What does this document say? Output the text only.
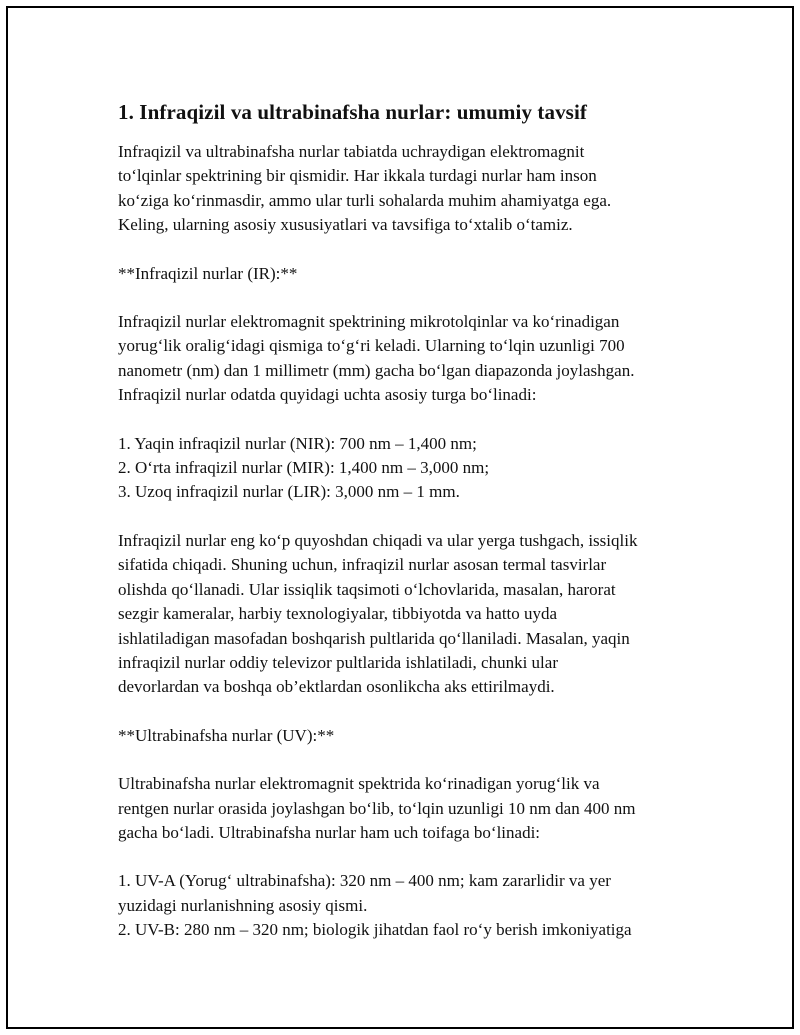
1. Infraqizil va ultrabinafsha nurlar: umumiy tavsif

Infraqizil va ultrabinafsha nurlar tabiatda uchraydigan elektromagnit
to‘lqinlar spektrining bir qismidir. Har ikkala turdagi nurlar ham inson
ko‘ziga ko‘rinmasdir, ammo ular turli sohalarda muhim ahamiyatga ega.
Keling, ularning asosiy xususiyatlari va tavsifiga to‘xtalib o‘tamiz.

**Infraqizil nurlar (IR):**

Infraqizil nurlar elektromagnit spektrining mikrotolqinlar va ko‘rinadigan
yorug‘lik oralig‘idagi qismiga to‘g‘ri keladi. Ularning to‘lqin uzunligi 700
nanometr (nm) dan 1 millimetr (mm) gacha bo‘lgan diapazonda joylashgan.
Infraqizil nurlar odatda quyidagi uchta asosiy turga bo‘linadi:

1. Yaqin infraqizil nurlar (NIR): 700 nm – 1,400 nm;
2. O‘rta infraqizil nurlar (MIR): 1,400 nm – 3,000 nm;
3. Uzoq infraqizil nurlar (LIR): 3,000 nm – 1 mm.

Infraqizil nurlar eng ko‘p quyoshdan chiqadi va ular yerga tushgach, issiqlik
sifatida chiqadi. Shuning uchun, infraqizil nurlar asosan termal tasvirlar
olishda qo‘llanadi. Ular issiqlik taqsimoti o‘lchovlarida, masalan, harorat
sezgir kameralar, harbiy texnologiyalar, tibbiyotda va hatto uyda
ishlatiladigan masofadan boshqarish pultlarida qo‘llaniladi. Masalan, yaqin
infraqizil nurlar oddiy televizor pultlarida ishlatiladi, chunki ular
devorlardan va boshqa ob’ektlardan osonlikcha aks ettirilmaydi.

**Ultrabinafsha nurlar (UV):**

Ultrabinafsha nurlar elektromagnit spektrida ko‘rinadigan yorug‘lik va
rentgen nurlar orasida joylashgan bo‘lib, to‘lqin uzunligi 10 nm dan 400 nm
gacha bo‘ladi. Ultrabinafsha nurlar ham uch toifaga bo‘linadi:

1. UV-A (Yorug‘ ultrabinafsha): 320 nm – 400 nm; kam zararlidir va yer
yuzidagi nurlanishning asosiy qismi.
2. UV-B: 280 nm – 320 nm; biologik jihatdan faol ro‘y berish imkoniyatiga
